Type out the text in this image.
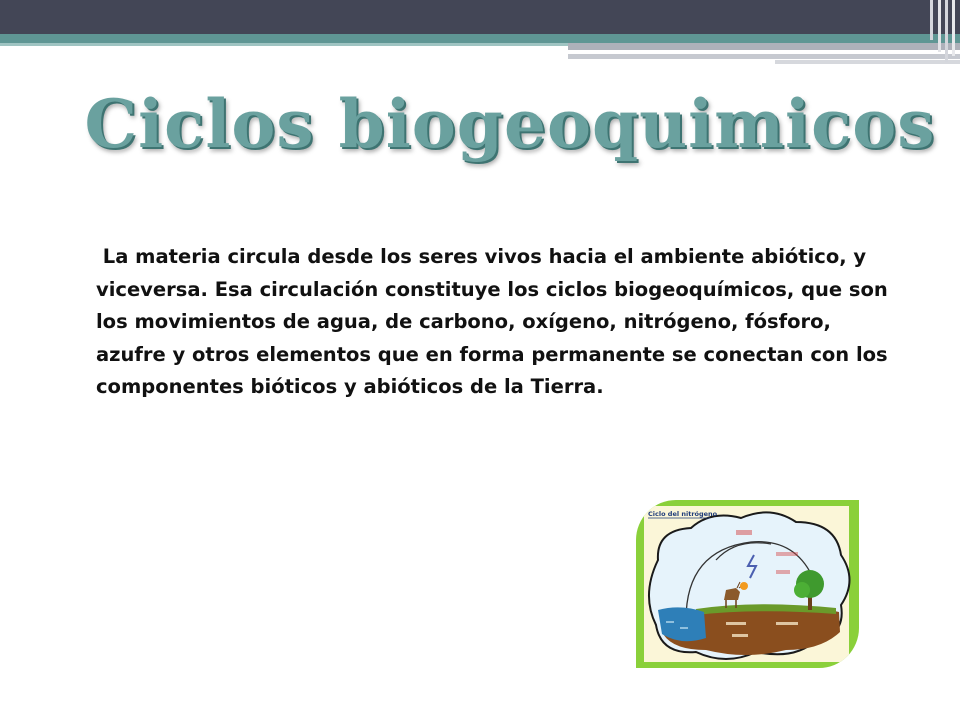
Ciclos biogeoquimicos

La materia circula desde los seres vivos hacia el ambiente abiótico, y viceversa. Esa circulación constituye los ciclos biogeoquímicos, que son los movimientos de agua, de carbono, oxígeno, nitrógeno, fósforo, azufre y otros elementos que en forma permanente se conectan con los componentes bióticos y abióticos de la Tierra.

Ciclo del nitrógeno
